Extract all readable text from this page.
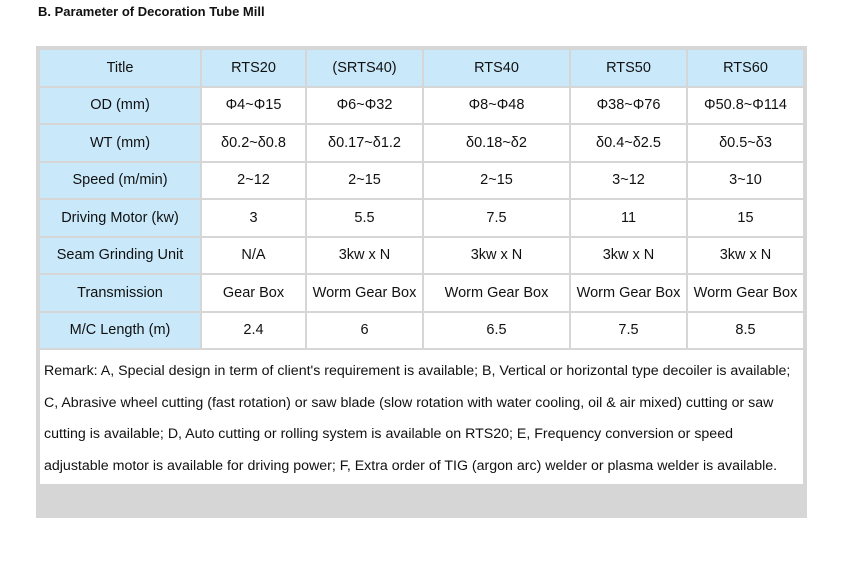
B. Parameter of Decoration Tube Mill
Title	RTS20	(SRTS40)	RTS40	RTS50	RTS60
OD (mm)	Φ4~Φ15	Φ6~Φ32	Φ8~Φ48	Φ38~Φ76	Φ50.8~Φ114
WT (mm)	δ0.2~δ0.8	δ0.17~δ1.2	δ0.18~δ2	δ0.4~δ2.5	δ0.5~δ3
Speed (m/min)	2~12	2~15	2~15	3~12	3~10
Driving Motor (kw)	3	5.5	7.5	11	15
Seam Grinding Unit	N/A	3kw x N	3kw x N	3kw x N	3kw x N
Transmission	Gear Box	Worm Gear Box	Worm Gear Box	Worm Gear Box	Worm Gear Box
M/C Length (m)	2.4	6	6.5	7.5	8.5
Remark: A, Special design in term of client's requirement is available; B, Vertical or horizontal type decoiler is available; C, Abrasive wheel cutting (fast rotation) or saw blade (slow rotation with water cooling, oil & air mixed) cutting or saw cutting is available; D, Auto cutting or rolling system is available on RTS20; E, Frequency conversion or speed adjustable motor is available for driving power; F, Extra order of TIG (argon arc) welder or plasma welder is available.					
